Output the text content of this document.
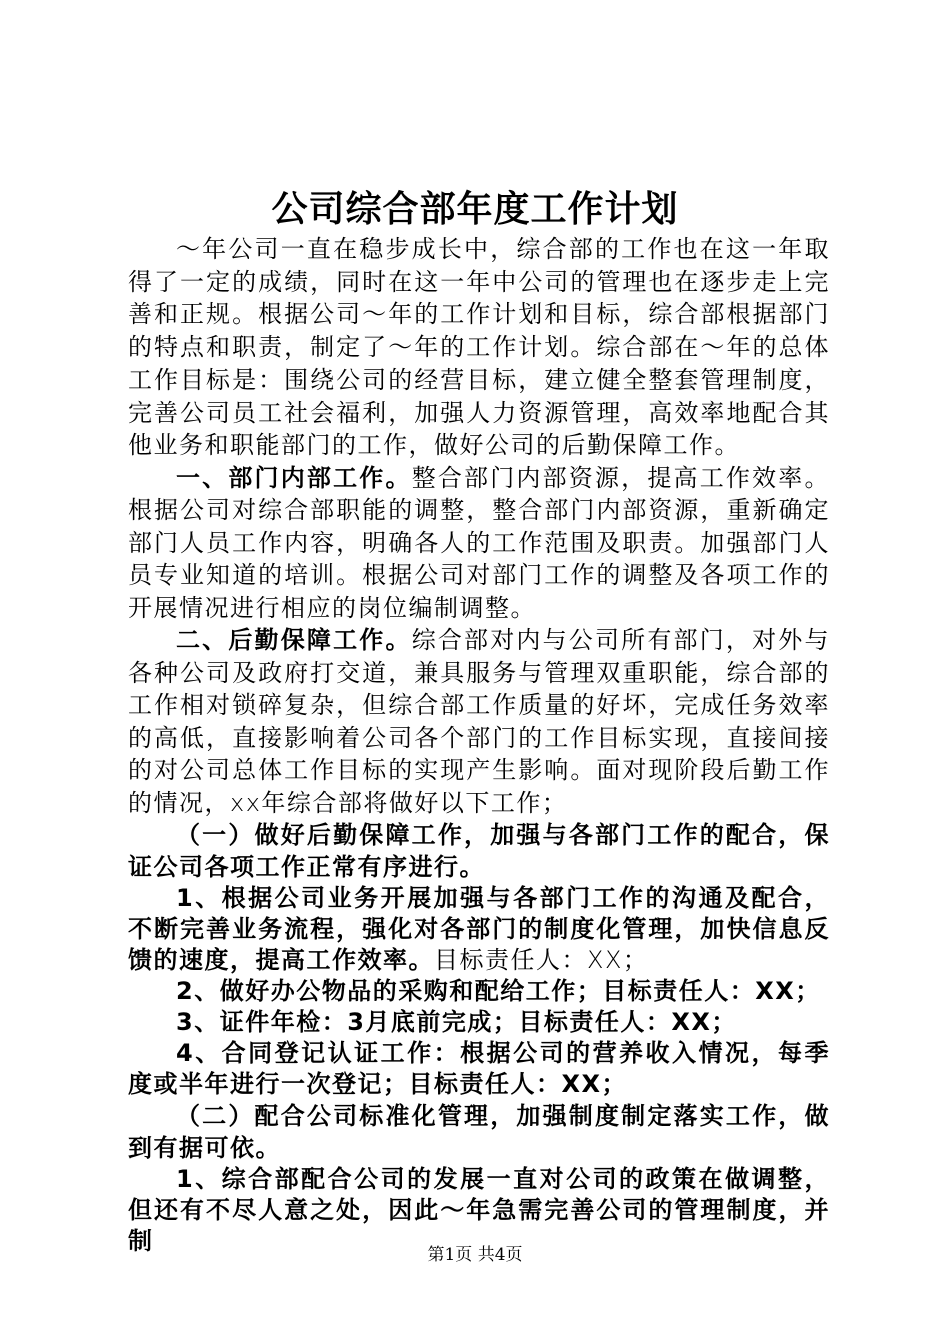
公司综合部年度工作计划

～年公司一直在稳步成长中，综合部的工作也在这一年取得了一定的成绩，同时在这一年中公司的管理也在逐步走上完善和正规。根据公司～年的工作计划和目标，综合部根据部门的特点和职责，制定了～年的工作计划。综合部在～年的总体工作目标是：围绕公司的经营目标，建立健全整套管理制度，完善公司员工社会福利，加强人力资源管理，高效率地配合其他业务和职能部门的工作，做好公司的后勤保障工作。

一、部门内部工作。整合部门内部资源，提高工作效率。根据公司对综合部职能的调整，整合部门内部资源，重新确定部门人员工作内容，明确各人的工作范围及职责。加强部门人员专业知道的培训。根据公司对部门工作的调整及各项工作的开展情况进行相应的岗位编制调整。

二、后勤保障工作。综合部对内与公司所有部门，对外与各种公司及政府打交道，兼具服务与管理双重职能，综合部的工作相对锁碎复杂，但综合部工作质量的好坏，完成任务效率的高低，直接影响着公司各个部门的工作目标实现，直接间接的对公司总体工作目标的实现产生影响。面对现阶段后勤工作的情况，xx年综合部将做好以下工作；

（一）做好后勤保障工作，加强与各部门工作的配合，保证公司各项工作正常有序进行。

1、根据公司业务开展加强与各部门工作的沟通及配合，不断完善业务流程，强化对各部门的制度化管理，加快信息反馈的速度，提高工作效率。目标责任人：XX；

2、做好办公物品的采购和配给工作；目标责任人：XX；

3、证件年检：3月底前完成；目标责任人：XX；

4、合同登记认证工作：根据公司的营养收入情况，每季度或半年进行一次登记；目标责任人：XX；

（二）配合公司标准化管理，加强制度制定落实工作，做到有据可依。

1、综合部配合公司的发展一直对公司的政策在做调整，但还有不尽人意之处，因此～年急需完善公司的管理制度，并制	第1页 共4页
